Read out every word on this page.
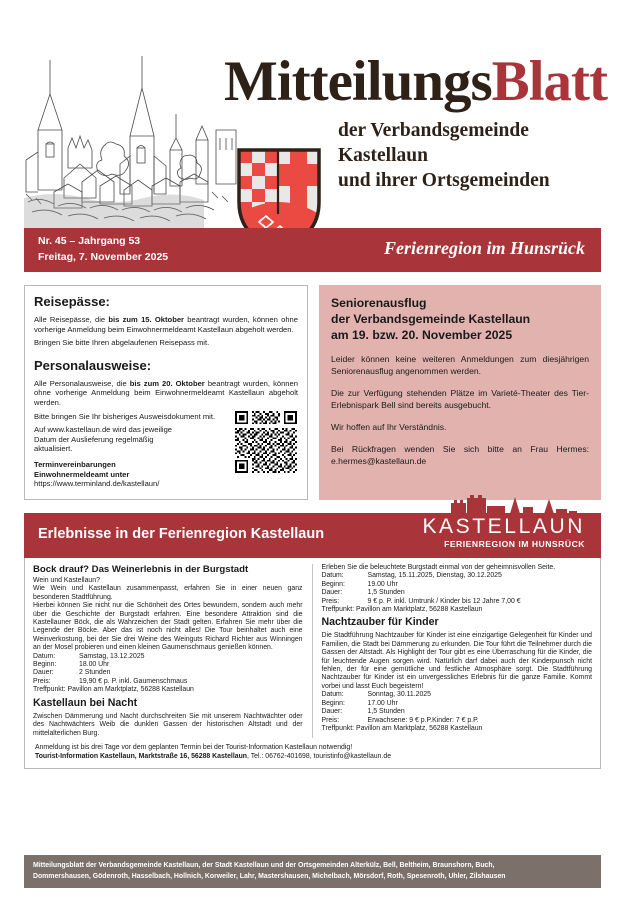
MitteilungsBlatt
der Verbandsgemeinde
Kastellaun
und ihrer Ortsgemeinden
Nr. 45 – Jahrgang 53
Freitag, 7. November 2025	Ferienregion im Hunsrück
Reisepässe:

Alle Reisepässe, die bis zum 15. Oktober beantragt wurden, können ohne vorherige Anmeldung beim Einwohnermeldeamt Kastellaun abgeholt werden.

Bringen Sie bitte Ihren abgelaufenen Reisepass mit.

Personalausweise:

Alle Personalausweise, die bis zum 20. Oktober beantragt wurden, können ohne vorherige Anmeldung beim Einwohnermeldeamt Kastellaun abgeholt werden.

Bitte bringen Sie Ihr bisheriges Ausweisdokument mit.

Auf www.kastellaun.de wird das jeweilige Datum der Auslieferung regelmäßig aktualisiert.

Terminvereinbarungen
Einwohnermeldeamt unter
https://www.terminland.de/kastellaun/
Seniorenausflug
der Verbandsgemeinde Kastellaun
am 19. bzw. 20. November 2025

Leider können keine weiteren Anmeldungen zum diesjährigen Seniorenausflug angenommen werden.

Die zur Verfügung stehenden Plätze im Varieté-Theater des Tier-Erlebnispark Bell sind bereits ausgebucht.

Wir hoffen auf Ihr Verständnis.

Bei Rückfragen wenden Sie sich bitte an Frau Hermes: e.hermes@kastellaun.de

Erlebnisse in der Ferienregion Kastellaun	KASTELLAUN
FERIENREGION IM HUNSRÜCK
Bock drauf? Das Weinerlebnis in der Burgstadt

Wein und Kastellaun?

Wie Wein und Kastellaun zusammenpasst, erfahren Sie in einer neuen ganz besonderen Stadtführung.

Hierbei können Sie nicht nur die Schönheit des Ortes bewundern, sondern auch mehr über die Geschichte der Burgstadt erfahren. Eine besondere Attraktion sind die Kastellauner Böck, die als Wahrzeichen der Stadt gelten. Erfahren Sie mehr über die Legende der Böcke. Aber das ist noch nicht alles! Die Tour beinhaltet auch eine Weinverkostung, bei der Sie drei Weine des Weinguts Richard Richter aus Winningen an der Mosel probieren und einen kleinen Gaumenschmaus genießen können.

Datum:	Samstag, 13.12.2025
Beginn:	18.00 Uhr
Dauer:	2 Stunden
Preis:	19,90 € p. P. inkl. Gaumenschmaus
Treffpunkt: Pavillon am Marktplatz, 56288 Kastellaun
Kastellaun bei Nacht

Zwischen Dämmerung und Nacht durchschreiten Sie mit unserem Nachtwächter oder des Nachtwächters Weib die dunklen Gassen der historischen Altstadt und der mittelalterlichen Burg.

Erleben Sie die beleuchtete Burgstadt einmal von der geheimnisvollen Seite.

Datum:	Samstag, 15.11.2025, Dienstag, 30.12.2025
Beginn:	19.00 Uhr
Dauer:	1,5 Stunden
Preis:	9 € p. P. inkl. Umtrunk / Kinder bis 12 Jahre 7,00 €
Treffpunkt: Pavillon am Marktplatz, 56288 Kastellaun
Nachtzauber für Kinder

Die Stadtführung Nachtzauber für Kinder ist eine einzigartige Gelegenheit für Kinder und Familien, die Stadt bei Dämmerung zu erkunden. Die Tour führt die Teilnehmer durch die Gassen der Altstadt. Als Highlight der Tour gibt es eine Überraschung für die Kinder, die für leuchtende Augen sorgen wird. Natürlich darf dabei auch der Kinderpunsch nicht fehlen, der für eine gemütliche und festliche Atmosphäre sorgt. Die Stadtführung Nachtzauber für Kinder ist ein unvergessliches Erlebnis für die ganze Familie. Kommt vorbei und lasst Euch begeistern!

Datum:	Sonntag, 30.11.2025
Beginn:	17.00 Uhr
Dauer:	1,5 Stunden
Preis:	Erwachsene: 9 € p.P.Kinder: 7 € p.P.
Treffpunkt: Pavillon am Marktplatz, 56288 Kastellaun
Anmeldung ist bis drei Tage vor dem geplanten Termin bei der Tourist-Information Kastellaun notwendig!
Tourist-Information Kastellaun, Marktstraße 16, 56288 Kastellaun, Tel.: 06762-401698, touristinfo@kastellaun.de
Mitteilungsblatt der Verbandsgemeinde Kastellaun, der Stadt Kastellaun und der Ortsgemeinden Alterkülz, Bell, Beltheim, Braunshorn, Buch,
Dommershausen, Gödenroth, Hasselbach, Hollnich, Korweiler, Lahr, Mastershausen, Michelbach, Mörsdorf, Roth, Spesenroth, Uhler, Zilshausen
